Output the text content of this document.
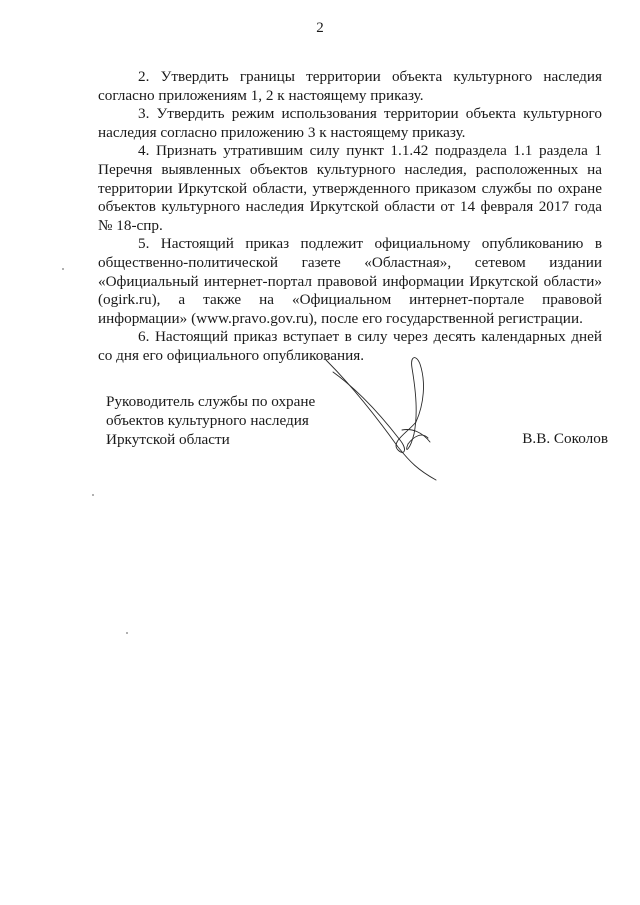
2

2. Утвердить границы территории объекта культурного наследия согласно приложениям 1, 2 к настоящему приказу.

3. Утвердить режим использования территории объекта культурного наследия согласно приложению 3 к настоящему приказу.

4. Признать утратившим силу пункт 1.1.42 подраздела 1.1 раздела 1 Перечня выявленных объектов культурного наследия, расположенных на территории Иркутской области, утвержденного приказом службы по охране объектов культурного наследия Иркутской области от 14 февраля 2017 года № 18-спр.

5. Настоящий приказ подлежит официальному опубликованию в общественно-политической газете «Областная», сетевом издании «Официальный интернет-портал правовой информации Иркутской области» (ogirk.ru), а также на «Официальном интернет-портале правовой информации» (www.pravo.gov.ru), после его государственной регистрации.

6. Настоящий приказ вступает в силу через десять календарных дней со дня его официального опубликования.

Руководитель службы по охране
объектов культурного наследия
Иркутской области	В.В. Соколов
